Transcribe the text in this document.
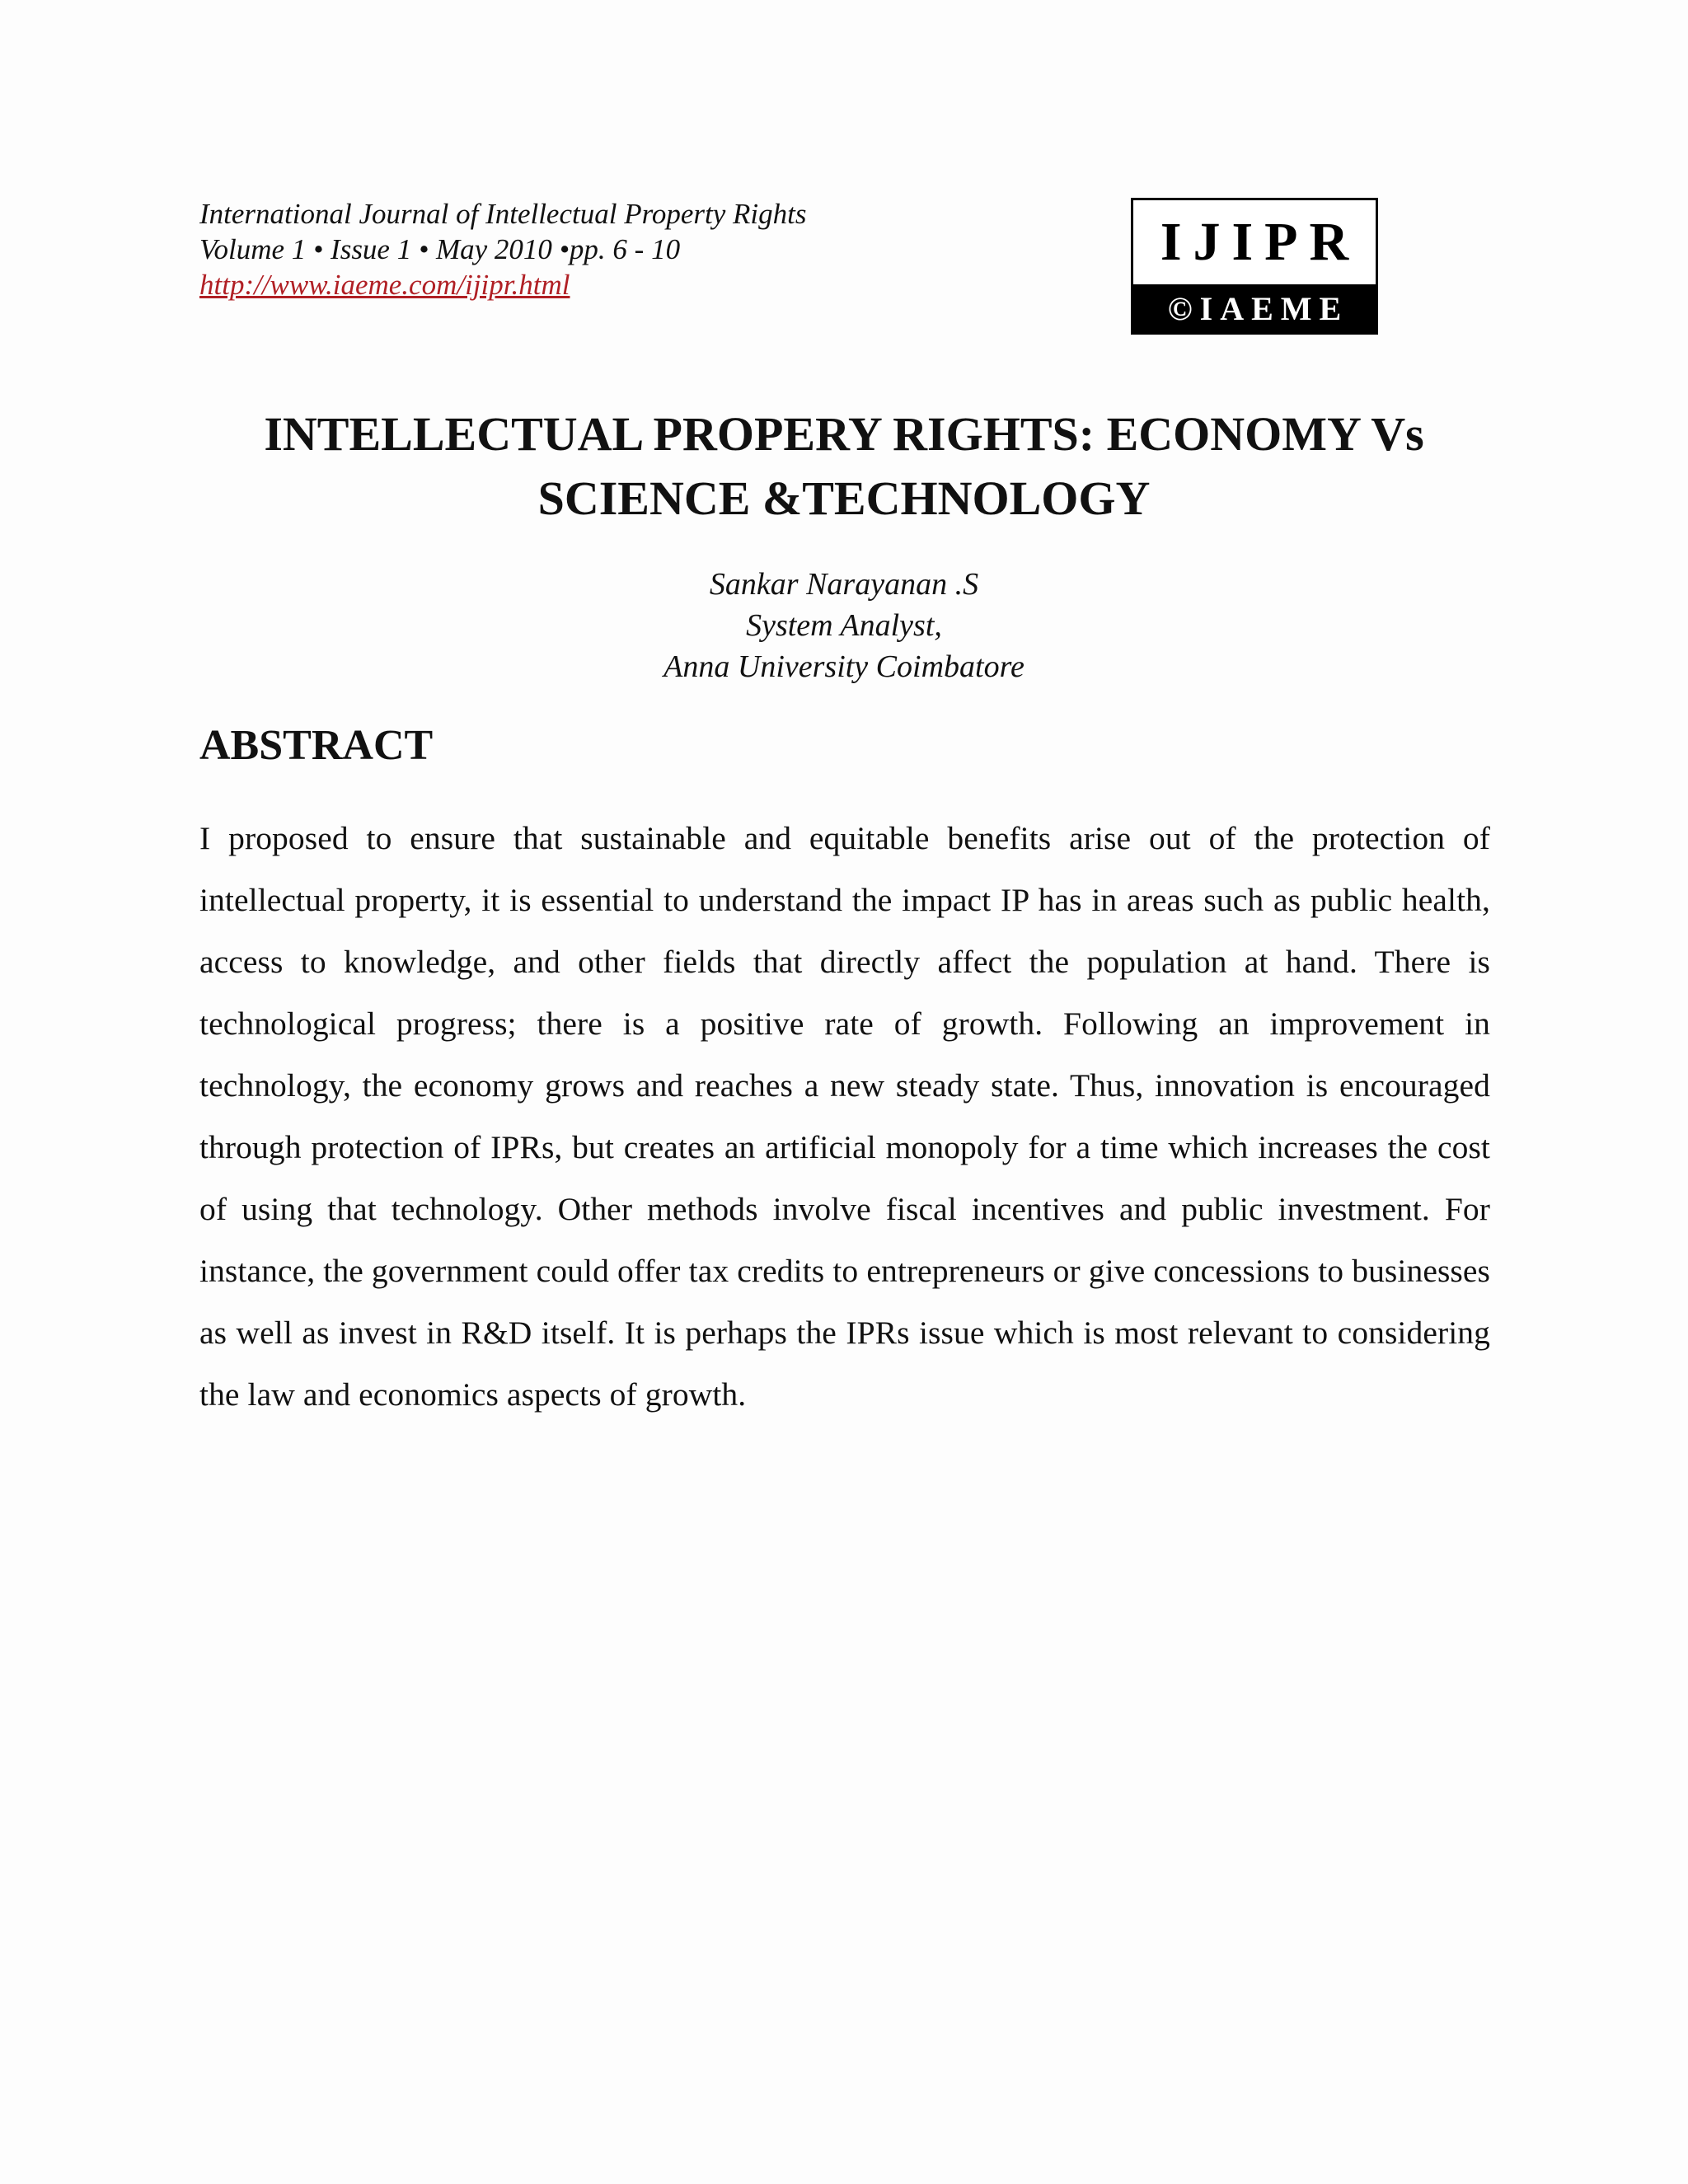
International Journal of Intellectual Property Rights
Volume 1 • Issue 1 • May 2010 •pp. 6 - 10
http://www.iaeme.com/ijipr.html
IJIPR
©IAEME
INTELLECTUAL PROPERY RIGHTS: ECONOMY Vs SCIENCE &TECHNOLOGY
Sankar Narayanan .S
System Analyst,
Anna University Coimbatore
ABSTRACT

I proposed to ensure that sustainable and equitable benefits arise out of the protection of intellectual property, it is essential to understand the impact IP has in areas such as public health, access to knowledge, and other fields that directly affect the population at hand. There is technological progress; there is a positive rate of growth. Following an improvement in technology, the economy grows and reaches a new steady state. Thus, innovation is encouraged through protection of IPRs, but creates an artificial monopoly for a time which increases the cost of using that technology. Other methods involve fiscal incentives and public investment. For instance, the government could offer tax credits to entrepreneurs or give concessions to businesses as well as invest in R&D itself. It is perhaps the IPRs issue which is most relevant to considering the law and economics aspects of growth.
